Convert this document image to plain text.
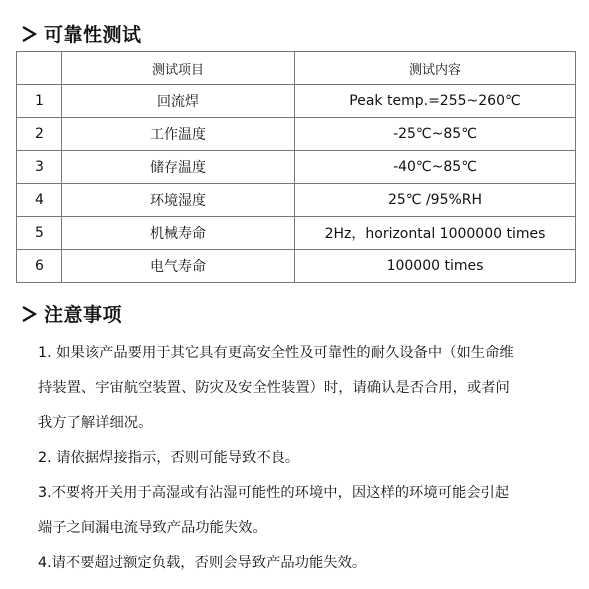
可靠性测试
	测试项目	测试内容
1	回流焊	Peak temp.=255~260℃
2	工作温度	-25℃~85℃
3	储存温度	-40℃~85℃
4	环境湿度	25℃ /95%RH
5	机械寿命	2Hz，horizontal 1000000 times
6	电气寿命	100000 times
注意事项

1. 如果该产品要用于其它具有更高安全性及可靠性的耐久设备中（如生命维

持装置、宇宙航空装置、防灾及安全性装置）时，请确认是否合用，或者问

我方了解详细况。

2. 请依据焊接指示，否则可能导致不良。

3.不要将开关用于高湿或有沾湿可能性的环境中，因这样的环境可能会引起

端子之间漏电流导致产品功能失效。

4.请不要超过额定负载，否则会导致产品功能失效。
